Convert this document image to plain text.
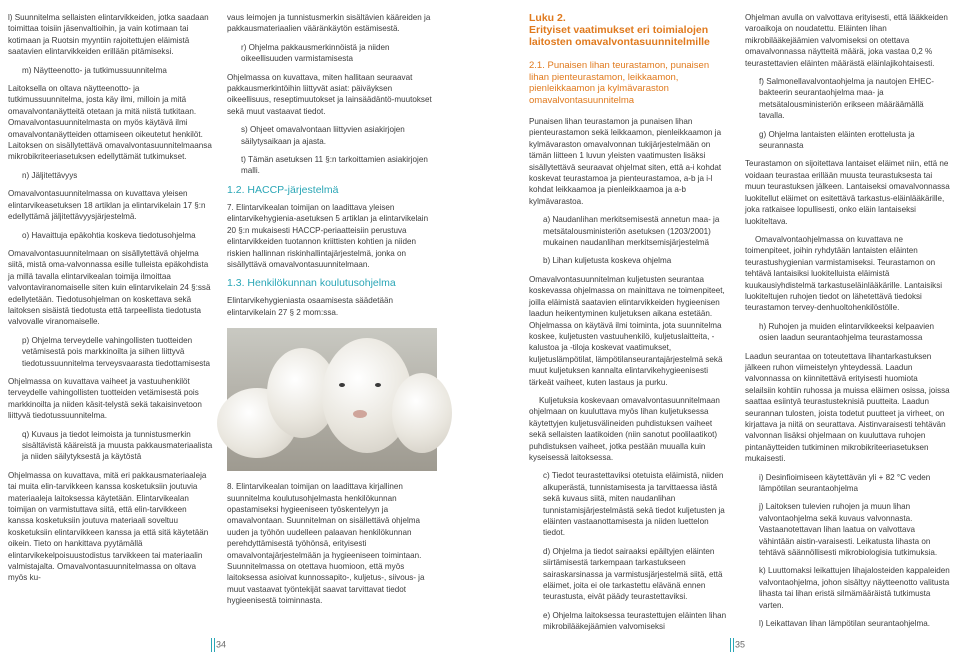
l) Suunnitelma sellaisten elintarvikkeiden, jotka saadaan toimittaa toisiin jäsenvaltioihin, ja vain kotimaan tai kotimaan ja Ruotsin myyntiin rajoitettujen eläimistä saatavien elintarvikkeiden erillään pitämiseksi.

m) Näytteenotto- ja tutkimussuunnitelma

Laitoksella on oltava näytteenotto- ja tutkimussuunnitelma, josta käy ilmi, milloin ja mitä omavalvontanäytteitä otetaan ja mitä niistä tutkitaan. Omavalvontasuunnitelmasta on myös käytävä ilmi omavalvontanäytteiden ottamiseen oikeutetut henkilöt. Laitoksen on sisällytettävä omavalvontasuunnitelmaansa mikrobikriteeriasetuksen edellyttämät tutkimukset.

n) Jäljitettävyys

Omavalvontasuunnitelmassa on kuvattava yleisen elintarvikeasetuksen 18 artiklan ja elintarvikelain 17 §:n edellyttämä jäljitettävyysjärjestelmä.

o) Havaittuja epäkohtia koskeva tiedotusohjelma

Omavalvontasuunnitelmaan on sisällytettävä ohjelma siitä, mistä oma-valvonnassa esille tulleista epäkohdista ja millä tavalla elintarvikealan toimija ilmoittaa valvontaviranomaiselle siten kuin elintarvikelain 24 §:ssä edellytetään. Tiedotusohjelman on koskettava sekä laitoksen sisäistä tiedotusta että tarpeellista tiedotusta valvovalle viranomaiselle.

p) Ohjelma terveydelle vahingollisten tuotteiden vetämisestä pois markkinoilta ja siihen liittyvä tiedotussuunnitelma terveysvaarasta tiedottamisesta

Ohjelmassa on kuvattava vaiheet ja vastuuhenkilöt terveydelle vahingollisten tuotteiden vetämisestä pois markkinoilta ja niiden käsit-telystä sekä takaisinvetoon liittyvä tiedotussuunnitelma.

q) Kuvaus ja tiedot leimoista ja tunnistusmerkin sisältävistä kääreistä ja muusta pakkausmateriaalista ja niiden säilytyksestä ja käytöstä

Ohjelmassa on kuvattava, mitä eri pakkausmateriaaleja tai muita elin-tarvikkeen kanssa kosketuksiin joutuvia materiaaleja laitoksessa käytetään. Elintarvikealan toimijan on varmistuttava siitä, että elin-tarvikkeen kanssa kosketuksiin joutuva materiaali soveltuu kosketuksiin elintarvikkeen kanssa ja että sitä käytetään oikein. Tieto on hankittava pyytämällä elintarvikekelpoisuustodistus tarvikkeen tai materiaalin valmistajalta. Omavalvontasuunnitelmassa on oltava myös ku-

vaus leimojen ja tunnistusmerkin sisältävien kääreiden ja pakkausmateriaalien vääränkäytön estämisestä.

r) Ohjelma pakkausmerkinnöistä ja niiden oikeellisuuden varmistamisesta

Ohjelmassa on kuvattava, miten hallitaan seuraavat pakkausmerkintöihin liittyvät asiat: päiväyksen oikeellisuus, reseptimuutokset ja lainsäädäntö-muutokset sekä muut vastaavat tiedot.

s) Ohjeet omavalvontaan liittyvien asiakirjojen säilytysaikaan ja ajasta.

t) Tämän asetuksen 11 §:n tarkoittamien asiakirjojen malli.

1.2. HACCP-järjestelmä

7. Elintarvikealan toimijan on laadittava yleisen elintarvikehygienia-asetuksen 5 artiklan ja elintarvikelain 20 §:n mukaisesti HACCP-periaatteisiin perustuva elintarvikkeiden tuotannon kriittisten kohtien ja niiden riskien hallinnan riskinhallintajärjestelmä, jonka on sisällyttävä omavalvontasuunnitelmaan.

1.3. Henkilökunnan koulutusohjelma

Elintarvikehygieniasta osaamisesta säädetään elintarvikelain 27 § 2 mom:ssa.

8. Elintarvikealan toimijan on laadittava kirjallinen suunnitelma koulutusohjelmasta henkilökunnan opastamiseksi hygieeniseen työskentelyyn ja omavalvontaan. Suunnitelman on sisällettävä ohjelma uuden ja työhön uudelleen palaavan henkilökunnan perehdyttämisestä työhönsä, erityisesti omavalvontajärjestelmään ja hygieeniseen toimintaan. Suunnitelmassa on otettava huomioon, että myös laitoksessa asioivat kunnossapito-, kuljetus-, siivous- ja muut vastaavat työntekijät saavat tarvittavat tiedot hygieenisestä toiminnasta.

Luku 2.
Erityiset vaatimukset eri toimialojen laitosten omavalvontasuunnitelmille
2.1. Punaisen lihan teurastamon, punaisen lihan pienteurastamon, leikkaamon, pienleikkaamon ja kylmävaraston omavalvontasuunnitelma

Punaisen lihan teurastamon ja punaisen lihan pienteurastamon sekä leikkaamon, pienleikkaamon ja kylmävaraston omavalvonnan tukijärjestelmään on tämän liitteen 1 luvun yleisten vaatimusten lisäksi sisällytettävä seuraavat ohjelmat siten, että a-i kohdat koskevat teurastamoa ja pienteurastamoa, a-b ja i-l kohdat leikkaamoa ja pienleikkaamoa ja a-b kylmävarastoa.

a) Naudanlihan merkitsemisestä annetun maa- ja metsätalousministeriön asetuksen (1203/2001) mukainen naudanlihan merkitsemisjärjestelmä

b) Lihan kuljetusta koskeva ohjelma

Omavalvontasuunnitelman kuljetusten seurantaa koskevassa ohjelmassa on mainittava ne toimenpiteet, joilla eläimistä saatavien elintarvikkeiden hygieenisen laadun heikentyminen kuljetuksen aikana estetään. Ohjelmassa on käytävä ilmi toiminta, jota suunnitelma koskee, kuljetusten vastuuhenkilö, kuljetuslaitteita, -kalustoa ja -tiloja koskevat vaatimukset, kuljetuslämpötilat, lämpötilanseurantajärjestelmä sekä muut kuljetuksen kannalta elintarvikehygieenisesti tärkeät vaiheet, kuten lastaus ja purku.

Kuljetuksia koskevaan omavalvontasuunnitelmaan ohjelmaan on kuuluttava myös lihan kuljetuksessa käytettyjen kuljetusvälineiden puhdistuksen vaiheet sekä sellaisten laatikoiden (niin sanotut poolilaatikot) puhdistuksen vaiheet, jotka pestään muualla kuin kyseisessä laitoksessa.

c) Tiedot teurastettaviksi otetuista eläimistä, niiden alkuperästä, tunnistamisesta ja tarvittaessa iästä sekä kuvaus siitä, miten naudanlihan tunnistamisjärjestelmästä sekä tiedot kuljetusten ja eläinten vastaanottamisesta ja niiden luettelon tiedot.

d) Ohjelma ja tiedot sairaaksi epäiltyjen eläinten siirtämisestä tarkempaan tarkastukseen sairaskarsinassa ja varmistusjärjestelmä siitä, että eläimet, joita ei ole tarkastettu elävänä ennen teurastusta, eivät päädy teurastettaviksi.

e) Ohjelma laitoksessa teurastettujen eläinten lihan mikrobilääkejäämien valvomiseksi

Ohjelman avulla on valvottava erityisesti, että lääkkeiden varoaikoja on noudatettu. Eläinten lihan mikrobilääkejäämien valvomiseksi on otettava omavalvonnassa näytteitä määrä, joka vastaa 0,2 % teurastettavien eläinten määrästä eläinlajikohtaisesti.

f) Salmonellavalvontaohjelma ja nautojen EHEC-bakteerin seurantaohjelma maa- ja metsätalousministeriön erikseen määräämällä tavalla.

g) Ohjelma lantaisten eläinten erottelusta ja seurannasta

Teurastamon on sijoitettava lantaiset eläimet niin, että ne voidaan teurastaa erillään muusta teurastuksesta tai muun teurastuksen jälkeen. Lantaiseksi omavalvonnassa luokitellut eläimet on esitettävä tarkastus-eläinlääkärille, joka ratkaisee lopullisesti, onko eläin lantaiseksi luokiteltava.

Omavalvontaohjelmassa on kuvattava ne toimenpiteet, joihin ryhdytään lantaisten eläinten teurastushygienian varmistamiseksi. Teurastamon on tehtävä lantaisiksi luokitelluista eläimistä kuukausiyhdistelmä tarkastuseläinlääkärille. Lantaisiksi luokiteltujen ruhojen tiedot on lähetettävä tiedoksi teurastamon tervey-denhuoltohenkilöstölle.

h) Ruhojen ja muiden elintarvikkeeksi kelpaavien osien laadun seurantaohjelma teurastamossa

Laadun seurantaa on toteutettava lihantarkastuksen jälkeen ruhon viimeistelyn yhteydessä. Laadun valvonnassa on kiinnitettävä erityisesti huomiota selailsiin kohtiin ruhossa ja muissa eläimen osissa, joissa saattaa esiintyä teurastusteknisiä puutteita. Laadun seurannan tulosten, joista todetut puutteet ja virheet, on kirjattava ja niitä on seurattava. Aistinvaraisesti tehtävän valvonnan lisäksi ohjelmaan on kuuluttava ruhojen pintanäytteiden tutkiminen mikrobikriteeriasetuksen mukaisesti.

i) Desinfioimiseen käytettävän yli + 82 °C veden lämpötilan seurantaohjelma

j) Laitoksen tulevien ruhojen ja muun lihan valvontaohjelma sekä kuvaus valvonnasta. Vastaanotettavan lihan laatua on valvottava vähintään aistin-varaisesti. Leikatusta lihasta on tehtävä säännöllisesti mikrobiologisia tutkimuksia.

k) Luuttomaksi leikattujen lihajalosteiden kappaleiden valvontaohjelma, johon sisältyy näytteenotto valitusta lihasta tai lihan eristä silmämääräistä tutkimusta varten.

l) Leikattavan lihan lämpötilan seurantaohjelma.

34	35
